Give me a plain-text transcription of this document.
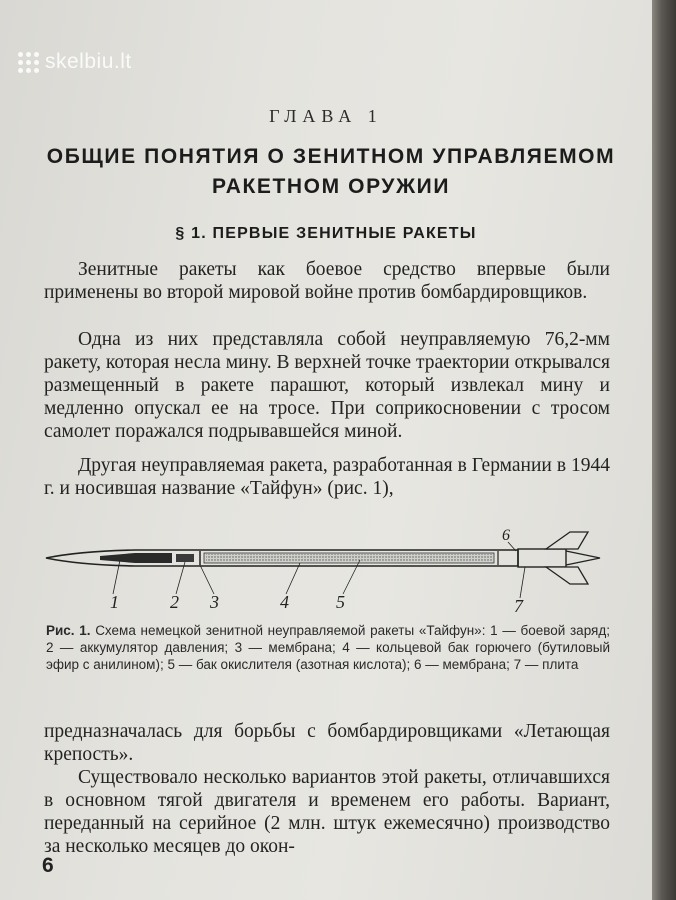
skelbiu.lt
ГЛАВА 1
ОБЩИЕ ПОНЯТИЯ О ЗЕНИТНОМ УПРАВЛЯЕМОМ
РАКЕТНОМ ОРУЖИИ
§ 1. ПЕРВЫЕ ЗЕНИТНЫЕ РАКЕТЫ

Зенитные ракеты как боевое средство впервые были применены во второй мировой войне против бомбардировщиков.

Одна из них представляла собой неуправляемую 76,2-мм ракету, которая несла мину. В верхней точке траектории открывался размещенный в ракете парашют, который извлекал мину и медленно опускал ее на тросе. При соприкосновении с тросом самолет поражался подрывавшейся миной.

Другая неуправляемая ракета, разработанная в Германии в 1944 г. и носившая название «Тайфун» (рис. 1),

1	2 3	4	5
6
7
Рис. 1. Схема немецкой зенитной неуправляемой ракеты «Тайфун»: 1 — боевой заряд; 2 — аккумулятор давления; 3 — мембрана; 4 — кольцевой бак горючего (бутиловый эфир с анилином); 5 — бак окислителя (азотная кислота); 6 — мембрана; 7 — плита

предназначалась для борьбы с бомбардировщиками «Летающая крепость».

Существовало несколько вариантов этой ракеты, отличавшихся в основном тягой двигателя и временем его работы. Вариант, переданный на серийное (2 млн. штук ежемесячно) производство за несколько месяцев до окон-

6
